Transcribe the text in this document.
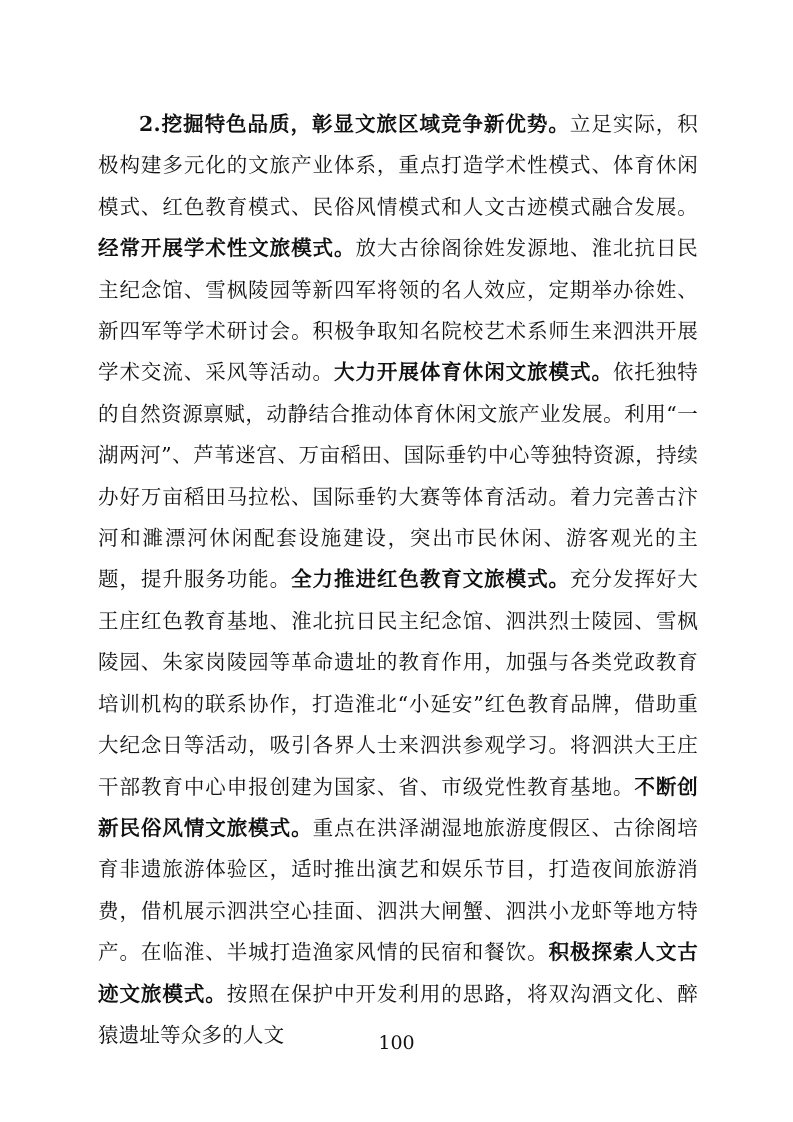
2.挖掘特色品质，彰显文旅区域竞争新优势。立足实际，积极构建多元化的文旅产业体系，重点打造学术性模式、体育休闲模式、红色教育模式、民俗风情模式和人文古迹模式融合发展。经常开展学术性文旅模式。放大古徐阁徐姓发源地、淮北抗日民主纪念馆、雪枫陵园等新四军将领的名人效应，定期举办徐姓、新四军等学术研讨会。积极争取知名院校艺术系师生来泗洪开展学术交流、采风等活动。大力开展体育休闲文旅模式。依托独特的自然资源禀赋，动静结合推动体育休闲文旅产业发展。利用“一湖两河”、芦苇迷宫、万亩稻田、国际垂钓中心等独特资源，持续办好万亩稻田马拉松、国际垂钓大赛等体育活动。着力完善古汴河和濉漂河休闲配套设施建设，突出市民休闲、游客观光的主题，提升服务功能。全力推进红色教育文旅模式。充分发挥好大王庄红色教育基地、淮北抗日民主纪念馆、泗洪烈士陵园、雪枫陵园、朱家岗陵园等革命遗址的教育作用，加强与各类党政教育培训机构的联系协作，打造淮北“小延安”红色教育品牌，借助重大纪念日等活动，吸引各界人士来泗洪参观学习。将泗洪大王庄干部教育中心申报创建为国家、省、市级党性教育基地。不断创新民俗风情文旅模式。重点在洪泽湖湿地旅游度假区、古徐阁培育非遗旅游体验区，适时推出演艺和娱乐节目，打造夜间旅游消费，借机展示泗洪空心挂面、泗洪大闸蟹、泗洪小龙虾等地方特产。在临淮、半城打造渔家风情的民宿和餐饮。积极探索人文古迹文旅模式。按照在保护中开发利用的思路，将双沟酒文化、醉猿遗址等众多的人文	100
